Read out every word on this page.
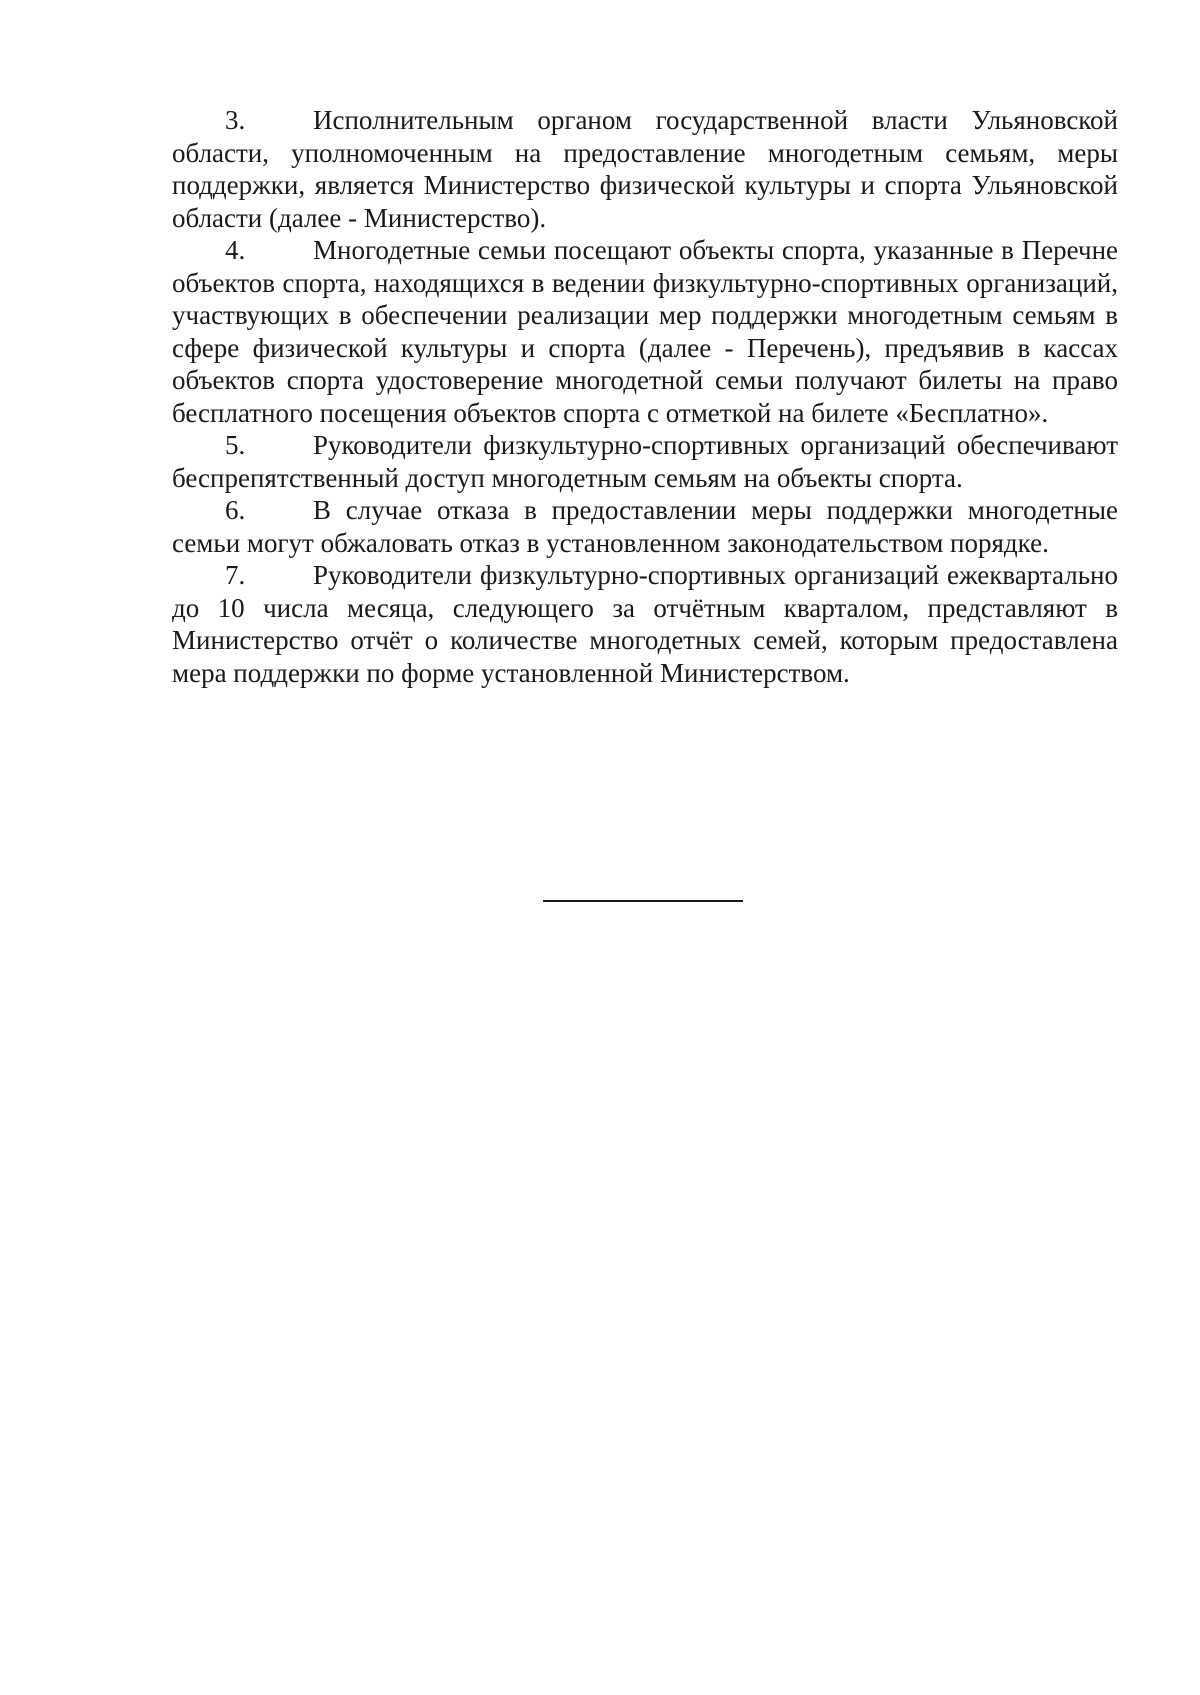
3.	Исполнительным органом государственной власти Ульяновской области, уполномоченным на предоставление многодетным семьям, меры поддержки, является Министерство физической культуры и спорта Ульяновской области (далее - Министерство).

4.	Многодетные семьи посещают объекты спорта, указанные в Перечне объектов спорта, находящихся в ведении физкультурно-спортивных организаций, участвующих в обеспечении реализации мер поддержки многодетным семьям в сфере физической культуры и спорта (далее - Перечень), предъявив в кассах объектов спорта удостоверение многодетной семьи получают билеты на право бесплатного посещения объектов спорта с отметкой на билете «Бесплатно».

5.	Руководители физкультурно-спортивных организаций обеспечивают беспрепятственный доступ многодетным семьям на объекты спорта.

6.	В случае отказа в предоставлении меры поддержки многодетные семьи могут обжаловать отказ в установленном законодательством порядке.

7.	Руководители физкультурно-спортивных организаций ежеквартально до 10 числа месяца, следующего за отчётным кварталом, представляют в Министерство отчёт о количестве многодетных семей, которым предоставлена мера поддержки по форме установленной Министерством.
